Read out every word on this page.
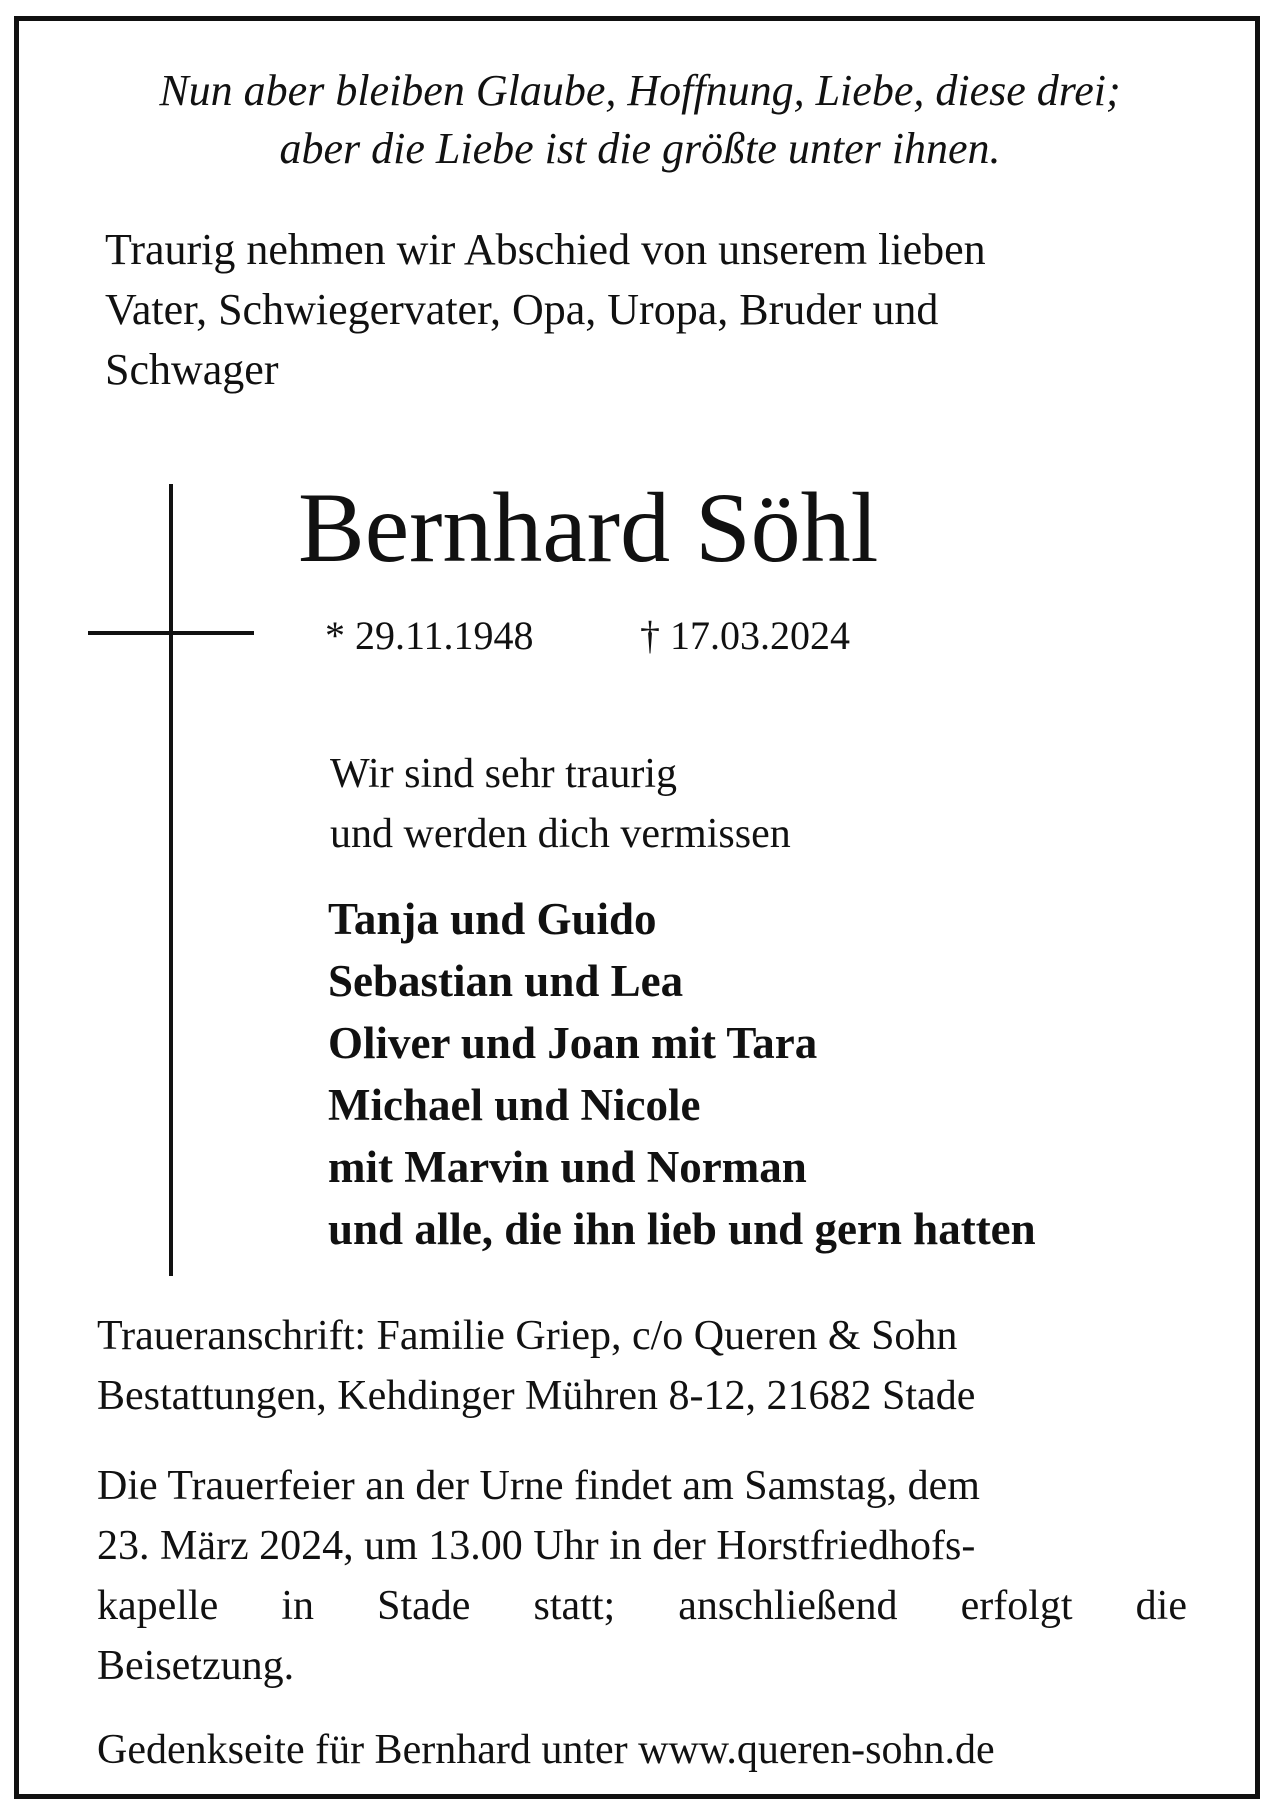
Nun aber bleiben Glaube, Hoffnung, Liebe, diese drei;
aber die Liebe ist die größte unter ihnen.
Traurig nehmen wir Abschied von unserem lieben
Vater, Schwiegervater, Opa, Uropa, Bruder und
Schwager
Bernhard Söhl
* 29.11.1948	† 17.03.2024
Wir sind sehr traurig
und werden dich vermissen
Tanja und Guido
Sebastian und Lea
Oliver und Joan mit Tara
Michael und Nicole
mit Marvin und Norman
und alle, die ihn lieb und gern hatten
Traueranschrift: Familie Griep, c/o Queren & Sohn
Bestattungen, Kehdinger Mühren 8-12, 21682 Stade
Die Trauerfeier an der Urne findet am Samstag, dem
23. März 2024, um 13.00 Uhr in der Horstfriedhofs-
kapelle in Stade statt; anschließend erfolgt die
Beisetzung.
Gedenkseite für Bernhard unter www.queren-sohn.de
